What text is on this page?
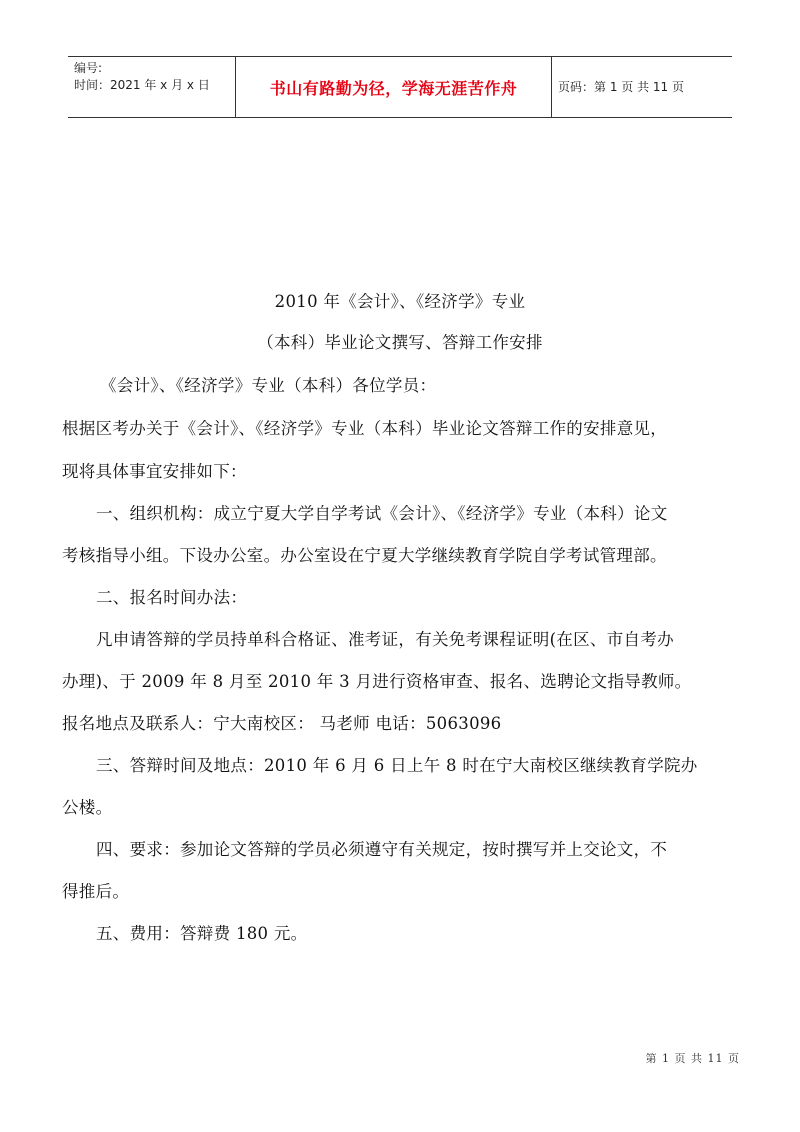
编号:
时间：2021 年 x 月 x 日	书山有路勤为径，学海无涯苦作舟	页码：第 1 页 共 11 页
2010 年《会计》、《经济学》专业
（本科）毕业论文撰写、答辩工作安排
《会计》、《经济学》专业（本科）各位学员：
根据区考办关于《会计》、《经济学》专业（本科）毕业论文答辩工作的安排意见，
现将具体事宜安排如下：
一、组织机构：成立宁夏大学自学考试《会计》、《经济学》专业（本科）论文
考核指导小组。下设办公室。办公室设在宁夏大学继续教育学院自学考试管理部。
二、报名时间办法：
凡申请答辩的学员持单科合格证、准考证，有关免考课程证明(在区、市自考办
办理)、于 2009 年 8 月至 2010 年 3 月进行资格审查、报名、选聘论文指导教师。
报名地点及联系人：宁大南校区： 马老师 电话：5063096
三、答辩时间及地点：2010 年 6 月 6 日上午 8 时在宁大南校区继续教育学院办
公楼。
四、要求：参加论文答辩的学员必须遵守有关规定，按时撰写并上交论文，不
得推后。
五、费用：答辩费 180 元。
第 1 页 共 11 页
